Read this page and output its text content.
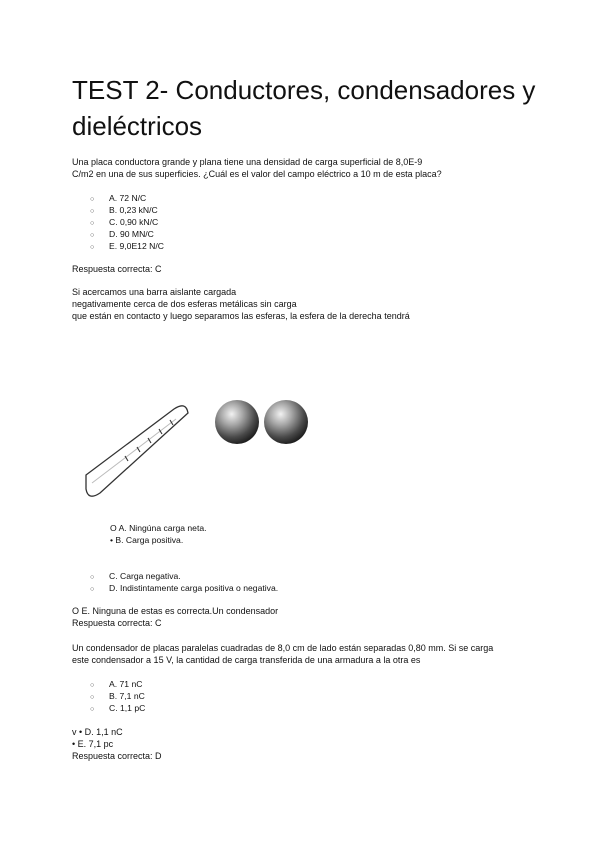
TEST 2- Conductores, condensadores y dieléctricos
Una placa conductora grande y plana tiene una densidad de carga superficial de 8,0E-9
C/m2 en una de sus superficies. ¿Cuál es el valor del campo eléctrico a 10 m de esta placa?
○ A. 72 N/C
○ B. 0,23 kN/C
○ C. 0,90 kN/C
○ D. 90 MN/C
○ E. 9,0E12 N/C
Respuesta correcta: C
Si acercamos una barra aislante cargada
negativamente cerca de dos esferas metálicas sin carga
que están en contacto y luego separamos las esferas, la esfera de la derecha tendrá
O A. Ningúna carga neta.
• B. Carga positiva.
○ C. Carga negativa.
○ D. Indistintamente carga positiva o negativa.
O E. Ninguna de estas es correcta.Un condensador
Respuesta correcta: C
Un condensador de placas paralelas cuadradas de 8,0 cm de lado están separadas 0,80 mm. Si se carga
este condensador a 15 V, la cantidad de carga transferida de una armadura a la otra es
○ A. 71 nC
○ B. 7,1 nC
○ C. 1,1 pC
v • D. 1,1 nC
• E. 7,1 pc
Respuesta correcta: D
